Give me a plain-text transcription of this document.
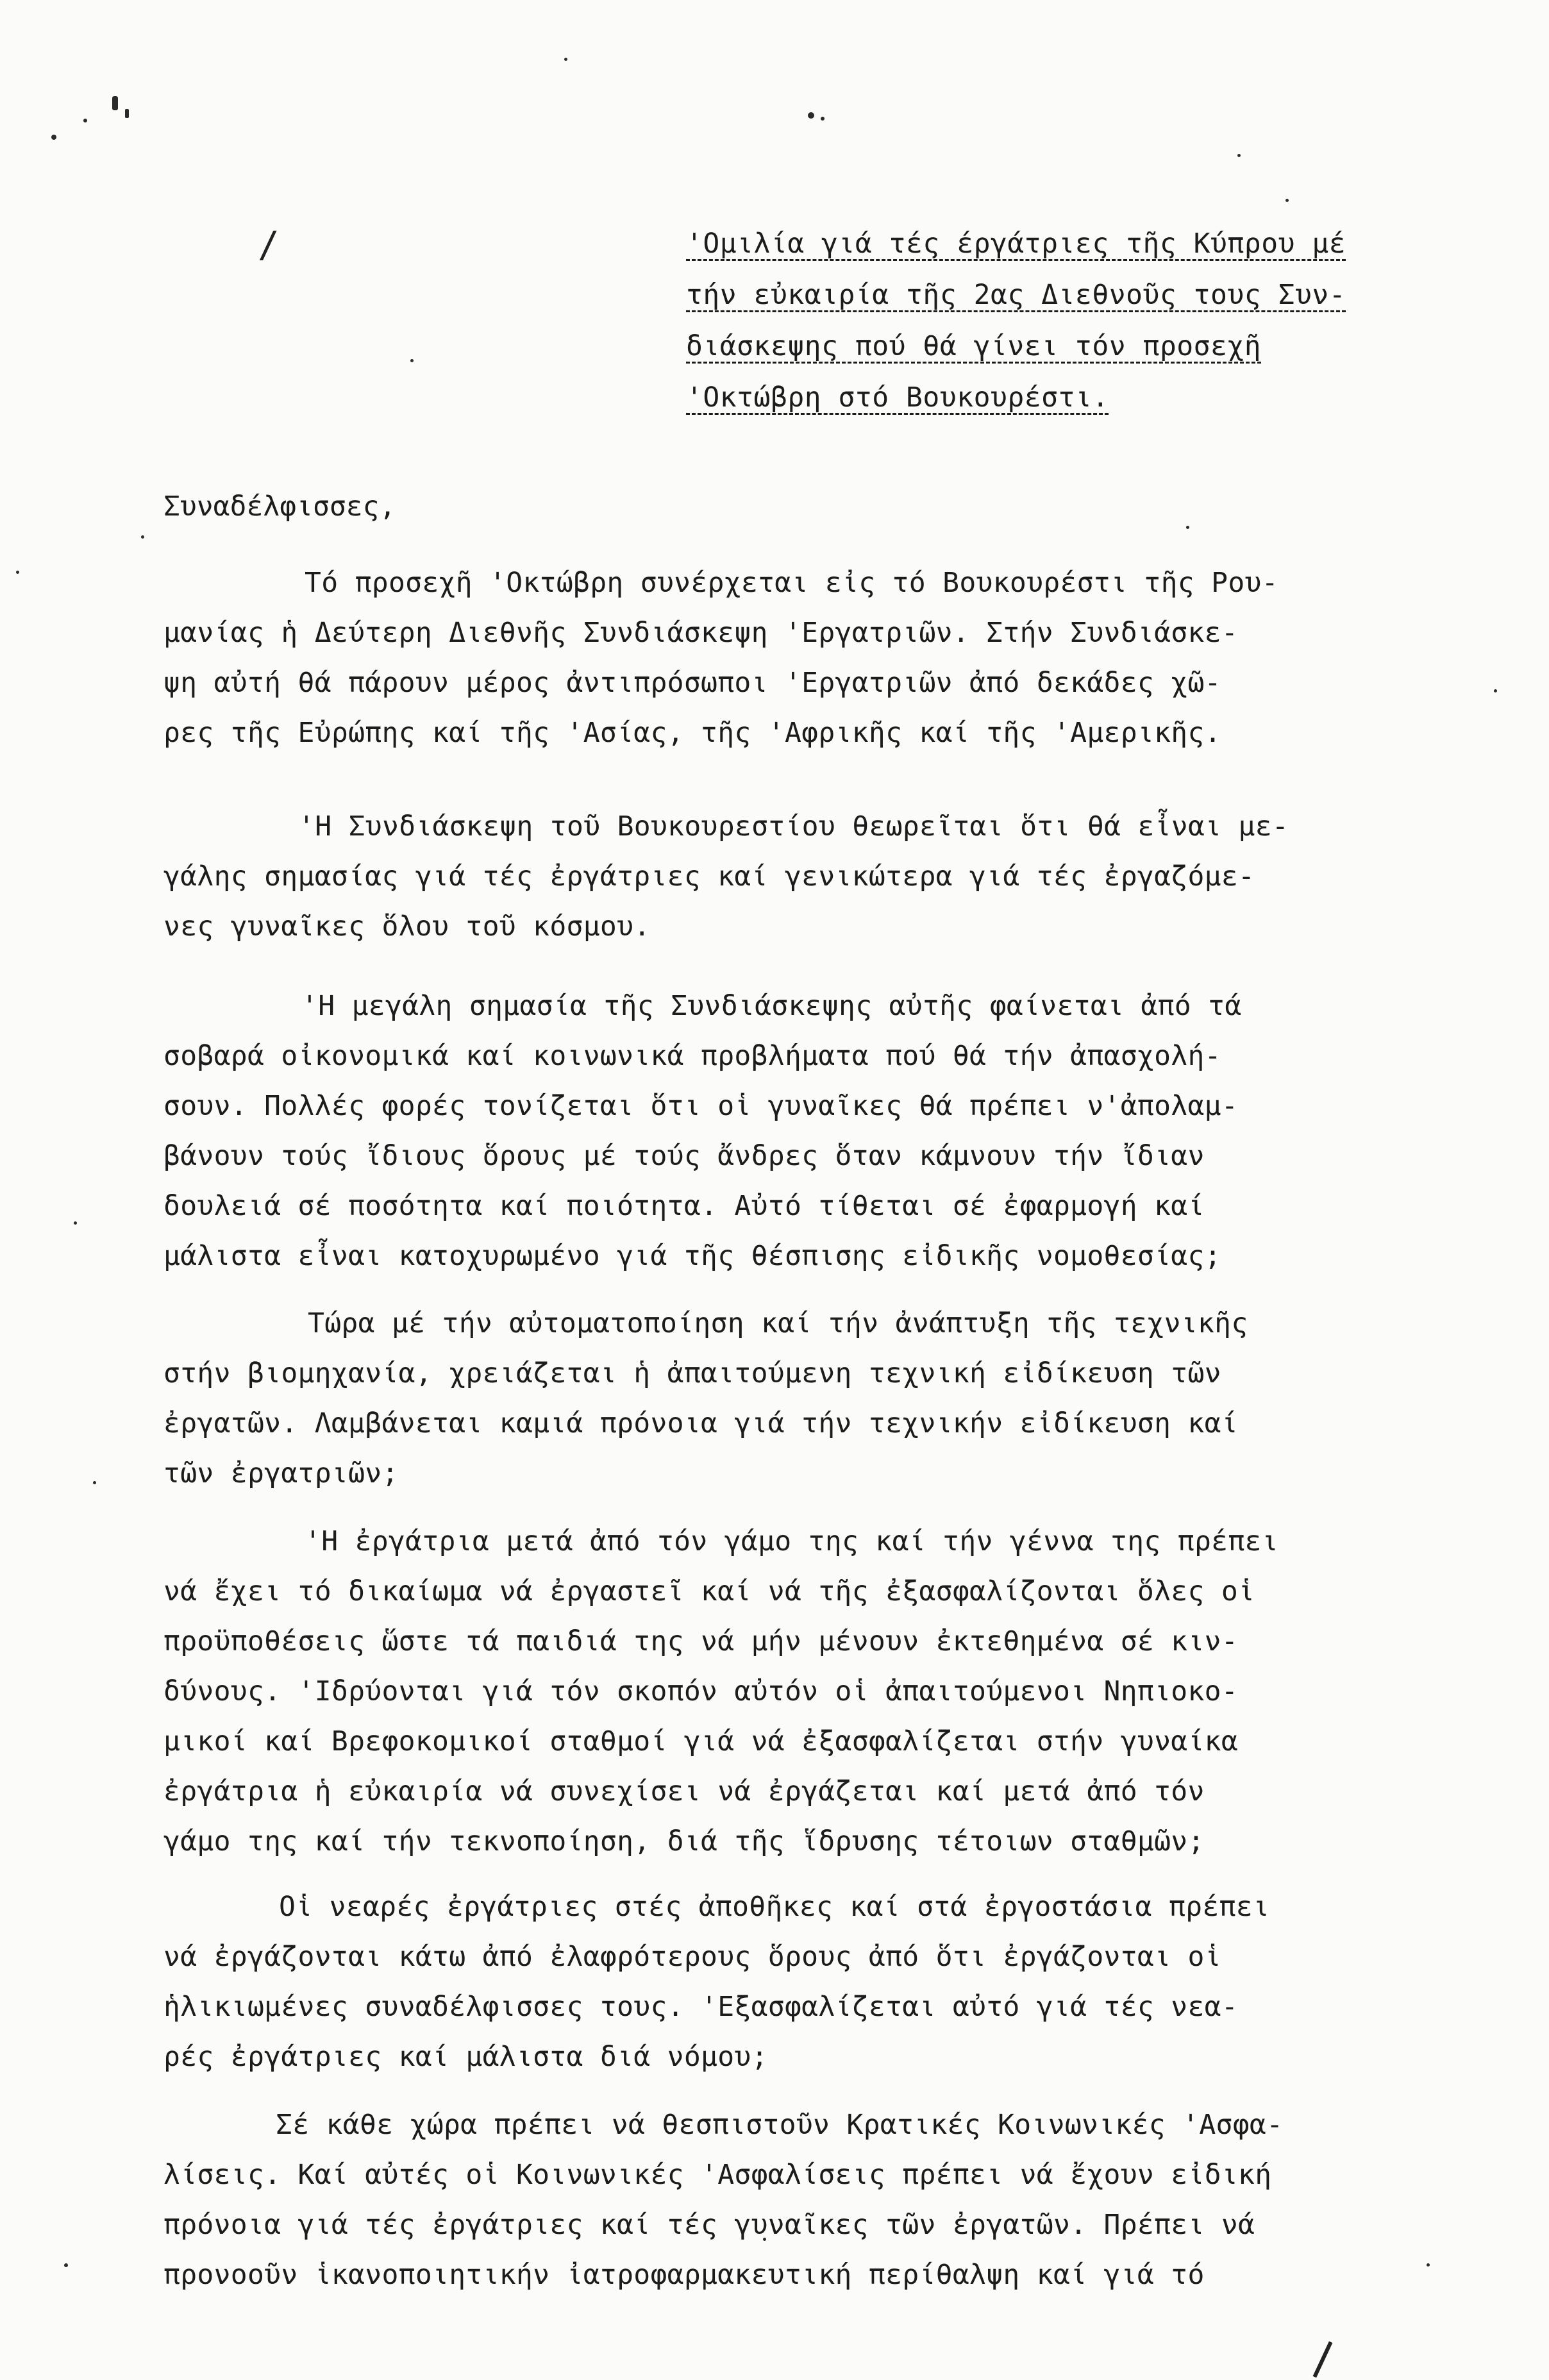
/	'Ομιλία γιά τές έργάτριες τῆς Κύπρου μέ
τήν εὐκαιρία τῆς 2ας Διεθνοῦς τους Συν-
διάσκεψης πού θά γίνει τόν προσεχῆ
'Οκτώβρη στό Βουκουρέστι.
Συναδέλφισσες,
Τό προσεχῆ 'Οκτώβρη συνέρχεται εἰς τό Βουκουρέστι τῆς Ρου-
μανίας ἡ Δεύτερη Διεθνῆς Συνδιάσκεψη 'Εργατριῶν. Στήν Συνδιάσκε-
ψη αὐτή θά πάρουν μέρος ἀντιπρόσωποι 'Εργατριῶν ἀπό δεκάδες χῶ-
ρες τῆς Εὐρώπης καί τῆς 'Ασίας, τῆς 'Αφρικῆς καί τῆς 'Αμερικῆς.
'Η Συνδιάσκεψη τοῦ Βουκουρεστίου θεωρεῖται ὅτι θά εἶναι με-
γάλης σημασίας γιά τές ἐργάτριες καί γενικώτερα γιά τές ἐργαζόμε-
νες γυναῖκες ὅλου τοῦ κόσμου.
'Η μεγάλη σημασία τῆς Συνδιάσκεψης αὐτῆς φαίνεται ἀπό τά
σοβαρά οἰκονομικά καί κοινωνικά προβλήματα πού θά τήν ἀπασχολή-
σουν. Πολλές φορές τονίζεται ὅτι οἱ γυναῖκες θά πρέπει ν'ἀπολαμ-
βάνουν τούς ἴδιους ὅρους μέ τούς ἄνδρες ὅταν κάμνουν τήν ἴδιαν
δουλειά σέ ποσότητα καί ποιότητα. Αὐτό τίθεται σέ ἐφαρμογή καί
μάλιστα εἶναι κατοχυρωμένο γιά τῆς θέσπισης εἰδικῆς νομοθεσίας;
Τώρα μέ τήν αὐτοματοποίηση καί τήν ἀνάπτυξη τῆς τεχνικῆς
στήν βιομηχανία, χρειάζεται ἡ ἀπαιτούμενη τεχνική εἰδίκευση τῶν
ἐργατῶν. Λαμβάνεται καμιά πρόνοια γιά τήν τεχνικήν εἰδίκευση καί
τῶν ἐργατριῶν;
'Η ἐργάτρια μετά ἀπό τόν γάμο της καί τήν γέννα της πρέπει
νά ἔχει τό δικαίωμα νά ἐργαστεῖ καί νά τῆς ἐξασφαλίζονται ὅλες οἱ
προϋποθέσεις ὥστε τά παιδιά της νά μήν μένουν ἐκτεθημένα σέ κιν-
δύνους. 'Ιδρύονται γιά τόν σκοπόν αὐτόν οἱ ἀπαιτούμενοι Νηπιοκο-
μικοί καί Βρεφοκομικοί σταθμοί γιά νά ἐξασφαλίζεται στήν γυναίκα
ἐργάτρια ἡ εὐκαιρία νά συνεχίσει νά ἐργάζεται καί μετά ἀπό τόν
γάμο της καί τήν τεκνοποίηση, διά τῆς ἵδρυσης τέτοιων σταθμῶν;
Οἱ νεαρές ἐργάτριες στές ἀποθῆκες καί στά ἐργοστάσια πρέπει
νά ἐργάζονται κάτω ἀπό ἐλαφρότερους ὅρους ἀπό ὅτι ἐργάζονται οἱ
ἡλικιωμένες συναδέλφισσες τους. 'Εξασφαλίζεται αὐτό γιά τές νεα-
ρές ἐργάτριες καί μάλιστα διά νόμου;
Σέ κάθε χώρα πρέπει νά θεσπιστοῦν Κρατικές Κοινωνικές 'Ασφα-
λίσεις. Καί αὐτές οἱ Κοινωνικές 'Ασφαλίσεις πρέπει νά ἔχουν εἰδική
πρόνοια γιά τές ἐργάτριες καί τές γυναῖκες τῶν ἐργατῶν. Πρέπει νά
προνοοῦν ἱκανοποιητικήν ἰατροφαρμακευτική περίθαλψη καί γιά τό
